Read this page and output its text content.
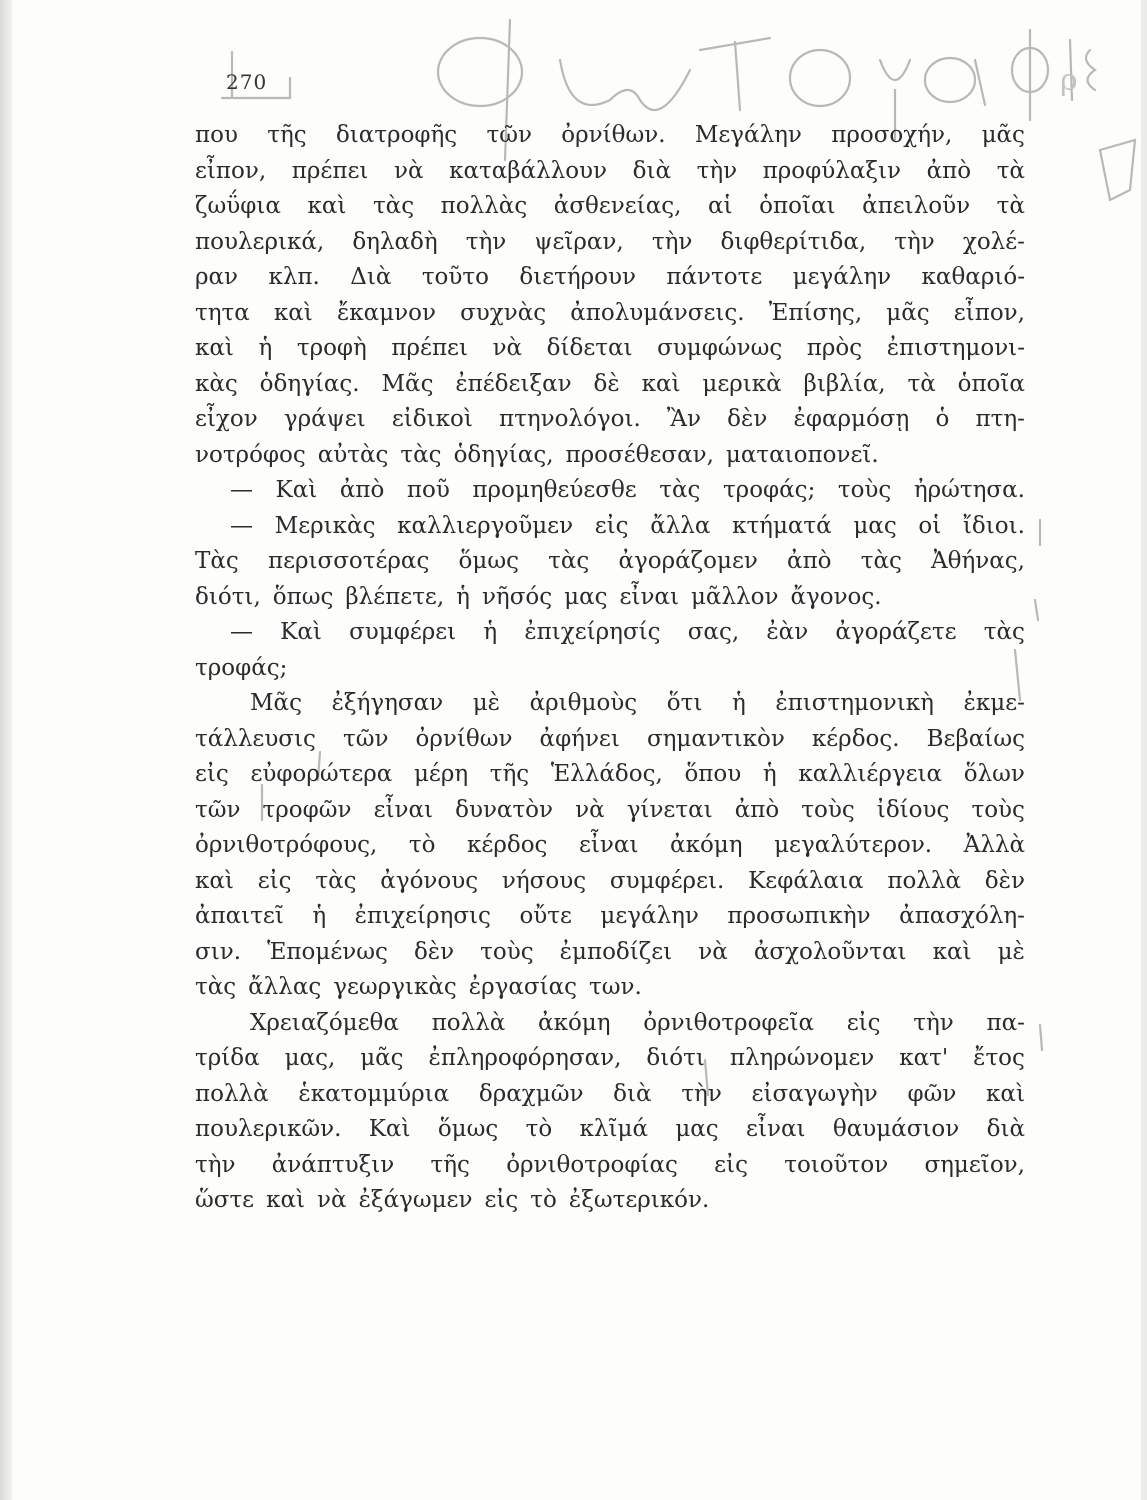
ρ
270
που τῆς διατροφῆς τῶν ὀρνίθων. Μεγάλην προσοχήν, μᾶς
εἶπον, πρέπει νὰ καταβάλλουν διὰ τὴν προφύλαξιν ἀπὸ τὰ
ζωΰφια καὶ τὰς πολλὰς ἀσθενείας, αἱ ὁποῖαι ἀπειλοῦν τὰ
πουλερικά, δηλαδὴ τὴν ψεῖραν, τὴν διφθερίτιδα, τὴν χολέ-
ραν κλπ. Διὰ τοῦτο διετήρουν πάντοτε μεγάλην καθαριό-
τητα καὶ ἔκαμνον συχνὰς ἀπολυμάνσεις. Ἐπίσης, μᾶς εἶπον,
καὶ ἡ τροφὴ πρέπει νὰ δίδεται συμφώνως πρὸς ἐπιστημονι-
κὰς ὁδηγίας. Μᾶς ἐπέδειξαν δὲ καὶ μερικὰ βιβλία, τὰ ὁποῖα
εἶχον γράψει εἰδικοὶ πτηνολόγοι. Ἂν δὲν ἐφαρμόσῃ ὁ πτη-
νοτρόφος αὐτὰς τὰς ὁδηγίας, προσέθεσαν, ματαιοπονεῖ.
— Καὶ ἀπὸ ποῦ προμηθεύεσθε τὰς τροφάς; τοὺς ἠρώτησα.
— Μερικὰς καλλιεργοῦμεν εἰς ἄλλα κτήματά μας οἱ ἴδιοι.
Τὰς περισσοτέρας ὅμως τὰς ἀγοράζομεν ἀπὸ τὰς Ἀθήνας,
διότι, ὅπως βλέπετε, ἡ νῆσός μας εἶναι μᾶλλον ἄγονος.
— Καὶ συμφέρει ἡ ἐπιχείρησίς σας, ἐὰν ἀγοράζετε τὰς
τροφάς;
Μᾶς ἐξήγησαν μὲ ἀριθμοὺς ὅτι ἡ ἐπιστημονικὴ ἐκμε-
τάλλευσις τῶν ὀρνίθων ἀφήνει σημαντικὸν κέρδος. Βεβαίως
εἰς εὐφορώτερα μέρη τῆς Ἑλλάδος, ὅπου ἡ καλλιέργεια ὅλων
τῶν τροφῶν εἶναι δυνατὸν νὰ γίνεται ἀπὸ τοὺς ἰδίους τοὺς
ὀρνιθοτρόφους, τὸ κέρδος εἶναι ἀκόμη μεγαλύτερον. Ἀλλὰ
καὶ εἰς τὰς ἀγόνους νήσους συμφέρει. Κεφάλαια πολλὰ δὲν
ἀπαιτεῖ ἡ ἐπιχείρησις οὔτε μεγάλην προσωπικὴν ἀπασχόλη-
σιν. Ἑπομένως δὲν τοὺς ἐμποδίζει νὰ ἀσχολοῦνται καὶ μὲ
τὰς ἄλλας γεωργικὰς ἐργασίας των.
Χρειαζόμεθα πολλὰ ἀκόμη ὀρνιθοτροφεῖα εἰς τὴν πα-
τρίδα μας, μᾶς ἐπληροφόρησαν, διότι πληρώνομεν κατ' ἔτος
πολλὰ ἑκατομμύρια δραχμῶν διὰ τὴν εἰσαγωγὴν φῶν καὶ
πουλερικῶν. Καὶ ὅμως τὸ κλῖμά μας εἶναι θαυμάσιον διὰ
τὴν ἀνάπτυξιν τῆς ὀρνιθοτροφίας εἰς τοιοῦτον σημεῖον,
ὥστε καὶ νὰ ἐξάγωμεν εἰς τὸ ἐξωτερικόν.
